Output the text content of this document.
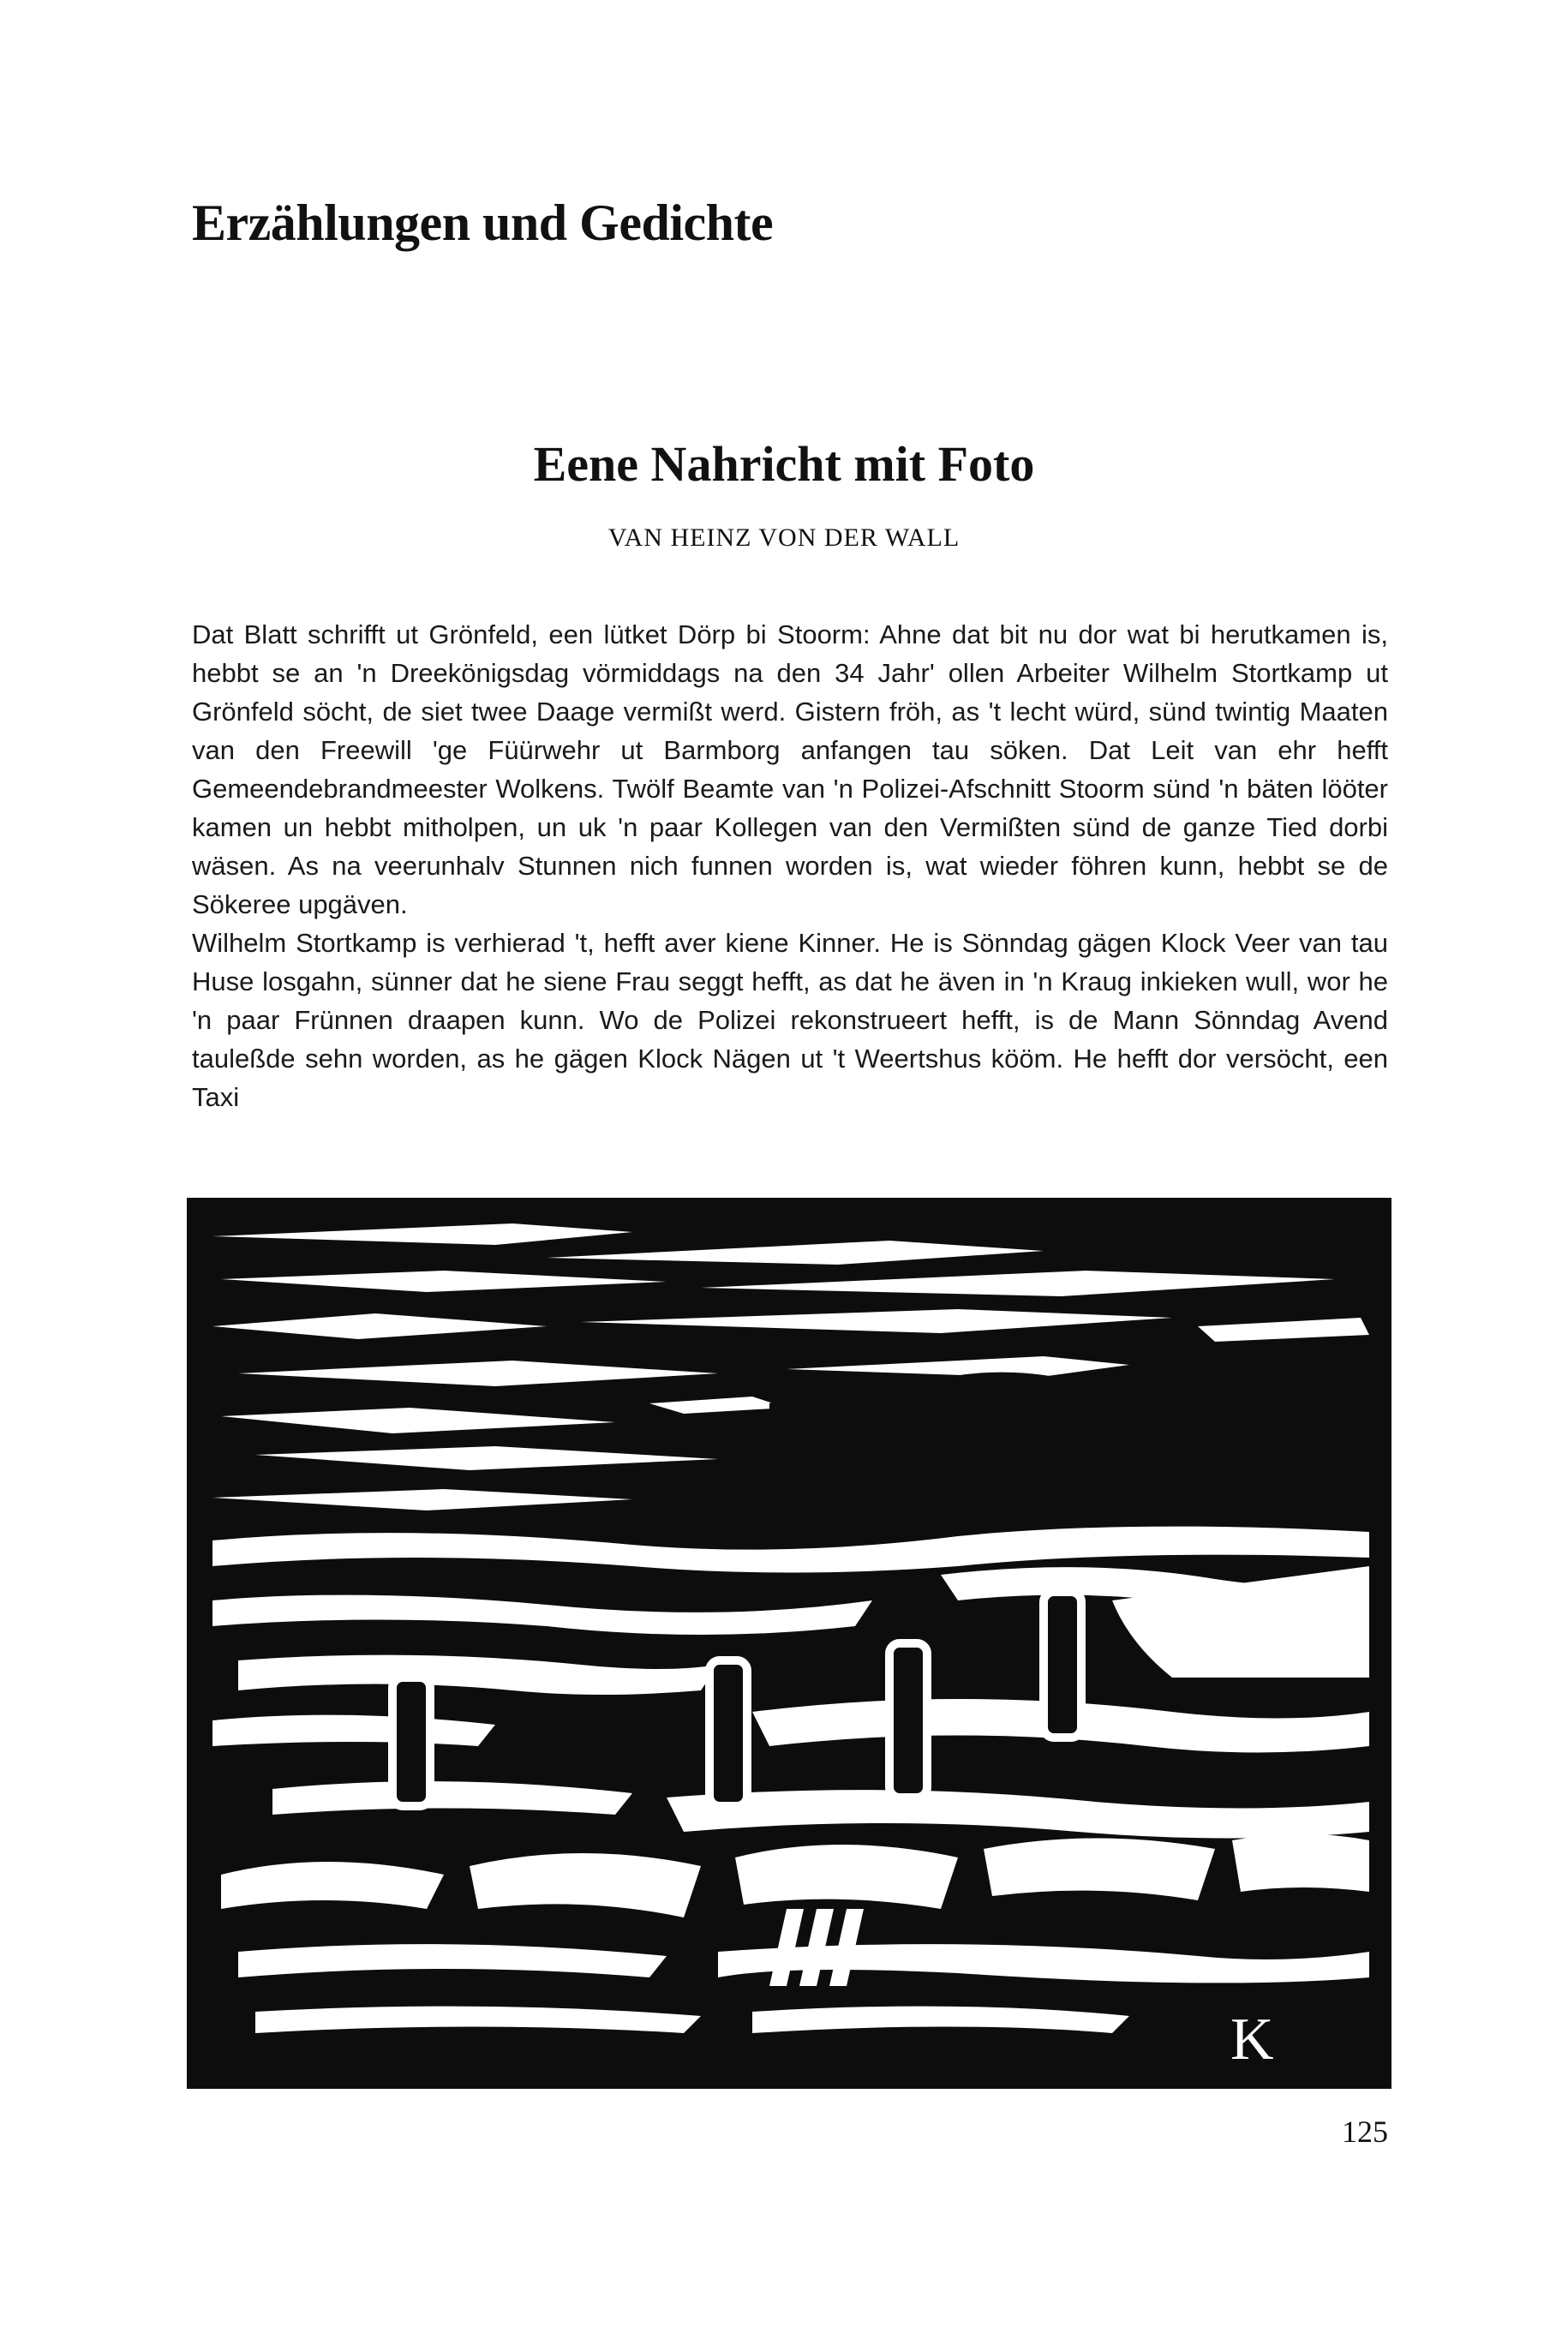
Erzählungen und Gedichte
Eene Nahricht mit Foto
VAN HEINZ VON DER WALL

Dat Blatt schrifft ut Grönfeld, een lütket Dörp bi Stoorm: Ahne dat bit nu dor wat bi herutkamen is, hebbt se an 'n Dreekönigsdag vörmiddags na den 34 Jahr' ollen Arbeiter Wilhelm Stortkamp ut Grönfeld söcht, de siet twee Daage vermißt werd. Gistern fröh, as 't lecht würd, sünd twintig Maaten van den Freewill 'ge Füürwehr ut Barmborg anfangen tau söken. Dat Leit van ehr hefft Gemeendebrandmeester Wolkens. Twölf Beamte van 'n Polizei-Afschnitt Stoorm sünd 'n bäten lööter kamen un hebbt mitholpen, un uk 'n paar Kollegen van den Vermißten sünd de ganze Tied dorbi wäsen. As na veerunhalv Stunnen nich funnen worden is, wat wieder föhren kunn, hebbt se de Sökeree upgäven.

Wilhelm Stortkamp is verhierad 't, hefft aver kiene Kinner. He is Sönndag gägen Klock Veer van tau Huse losgahn, sünner dat he siene Frau seggt hefft, as dat he även in 'n Kraug inkieken wull, wor he 'n paar Frünnen draapen kunn. Wo de Polizei rekonstrueert hefft, is de Mann Sönndag Avend tauleßde sehn worden, as he gägen Klock Nägen ut 't Weertshus kööm. He hefft dor versöcht, een Taxi

K
125
